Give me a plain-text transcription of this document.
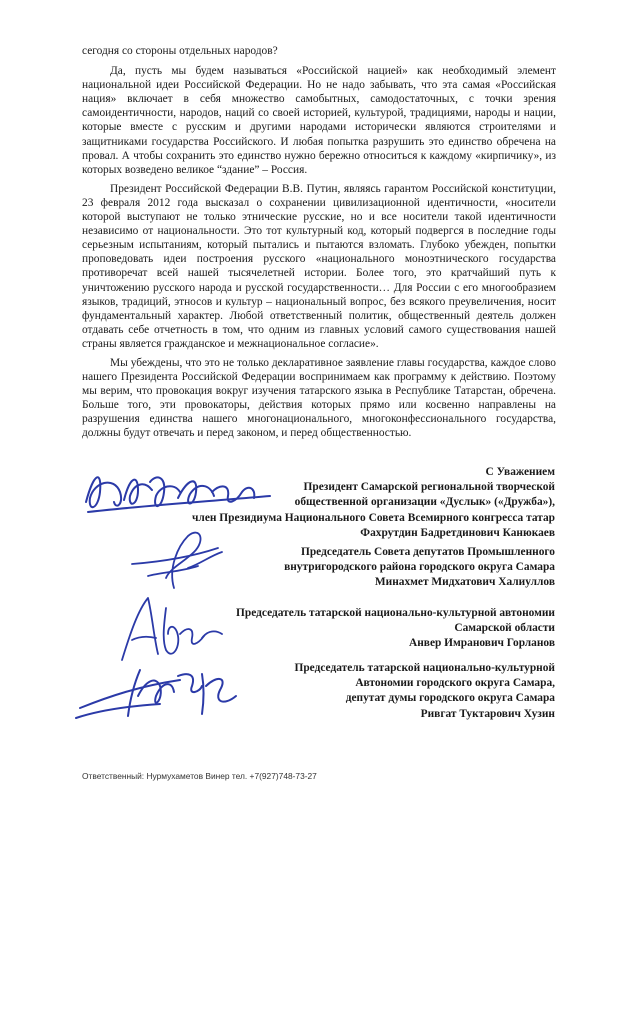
сегодня со стороны отдельных народов?

Да, пусть мы будем называться «Российской нацией» как необходимый элемент национальной идеи Российской Федерации. Но не надо забывать, что эта самая «Российская нация» включает в себя множество самобытных, самодостаточных, с точки зрения самоидентичности, народов, наций со своей историей, культурой, традициями, народы и нации, которые вместе с русским и другими народами исторически являются строителями и защитниками государства Российского. И любая попытка разрушить это единство обречена на провал. А чтобы сохранить это единство нужно бережно относиться к каждому «кирпичику», из которых возведено великое “здание” – Россия.

Президент Российской Федерации В.В. Путин, являясь гарантом Российской конституции, 23 февраля 2012 года высказал о сохранении цивилизационной идентичности, «носители которой выступают не только этнические русские, но и все носители такой идентичности независимо от национальности. Это тот культурный код, который подвергся в последние годы серьезным испытаниям, который пытались и пытаются взломать. Глубоко убежден, попытки проповедовать идеи построения русского «национального моноэтнического государства противоречат всей нашей тысячелетней истории. Более того, это кратчайший путь к уничтожению русского народа и русской государственности… Для России с его многообразием языков, традиций, этносов и культур – национальный вопрос, без всякого преувеличения, носит фундаментальный характер. Любой ответственный политик, общественный деятель должен отдавать себе отчетность в том, что одним из главных условий самого существования нашей страны является гражданское и межнациональное согласие».

Мы убеждены, что это не только декларативное заявление главы государства, каждое слово нашего Президента Российской Федерации воспринимаем как программу к действию. Поэтому мы верим, что провокация вокруг изучения татарского языка в Республике Татарстан, обречена. Больше того, эти провокаторы, действия которых прямо или косвенно направлены на разрушения единства нашего многонационального, многоконфессионального государства, должны будут отвечать и перед законом, и перед общественностью.

С Уважением
Президент Самарской региональной творческой
общественной организации «Дуслык» («Дружба»),
член Президиума Национального Совета Всемирного конгресса татар
Фахрутдин Бадретдинович Канюкаев
Председатель Совета депутатов Промышленного
внутригородского района городского округа Самара
Минахмет Мидхатович Халиуллов
Председатель татарской национально-культурной автономии
Самарской области
Анвер Имранович Горланов
Председатель татарской национально-культурной
Автономии городского округа Самара,
депутат думы городского округа Самара
Ривгат Туктарович Хузин
Ответственный: Нурмухаметов Винер тел. +7(927)748-73-27
